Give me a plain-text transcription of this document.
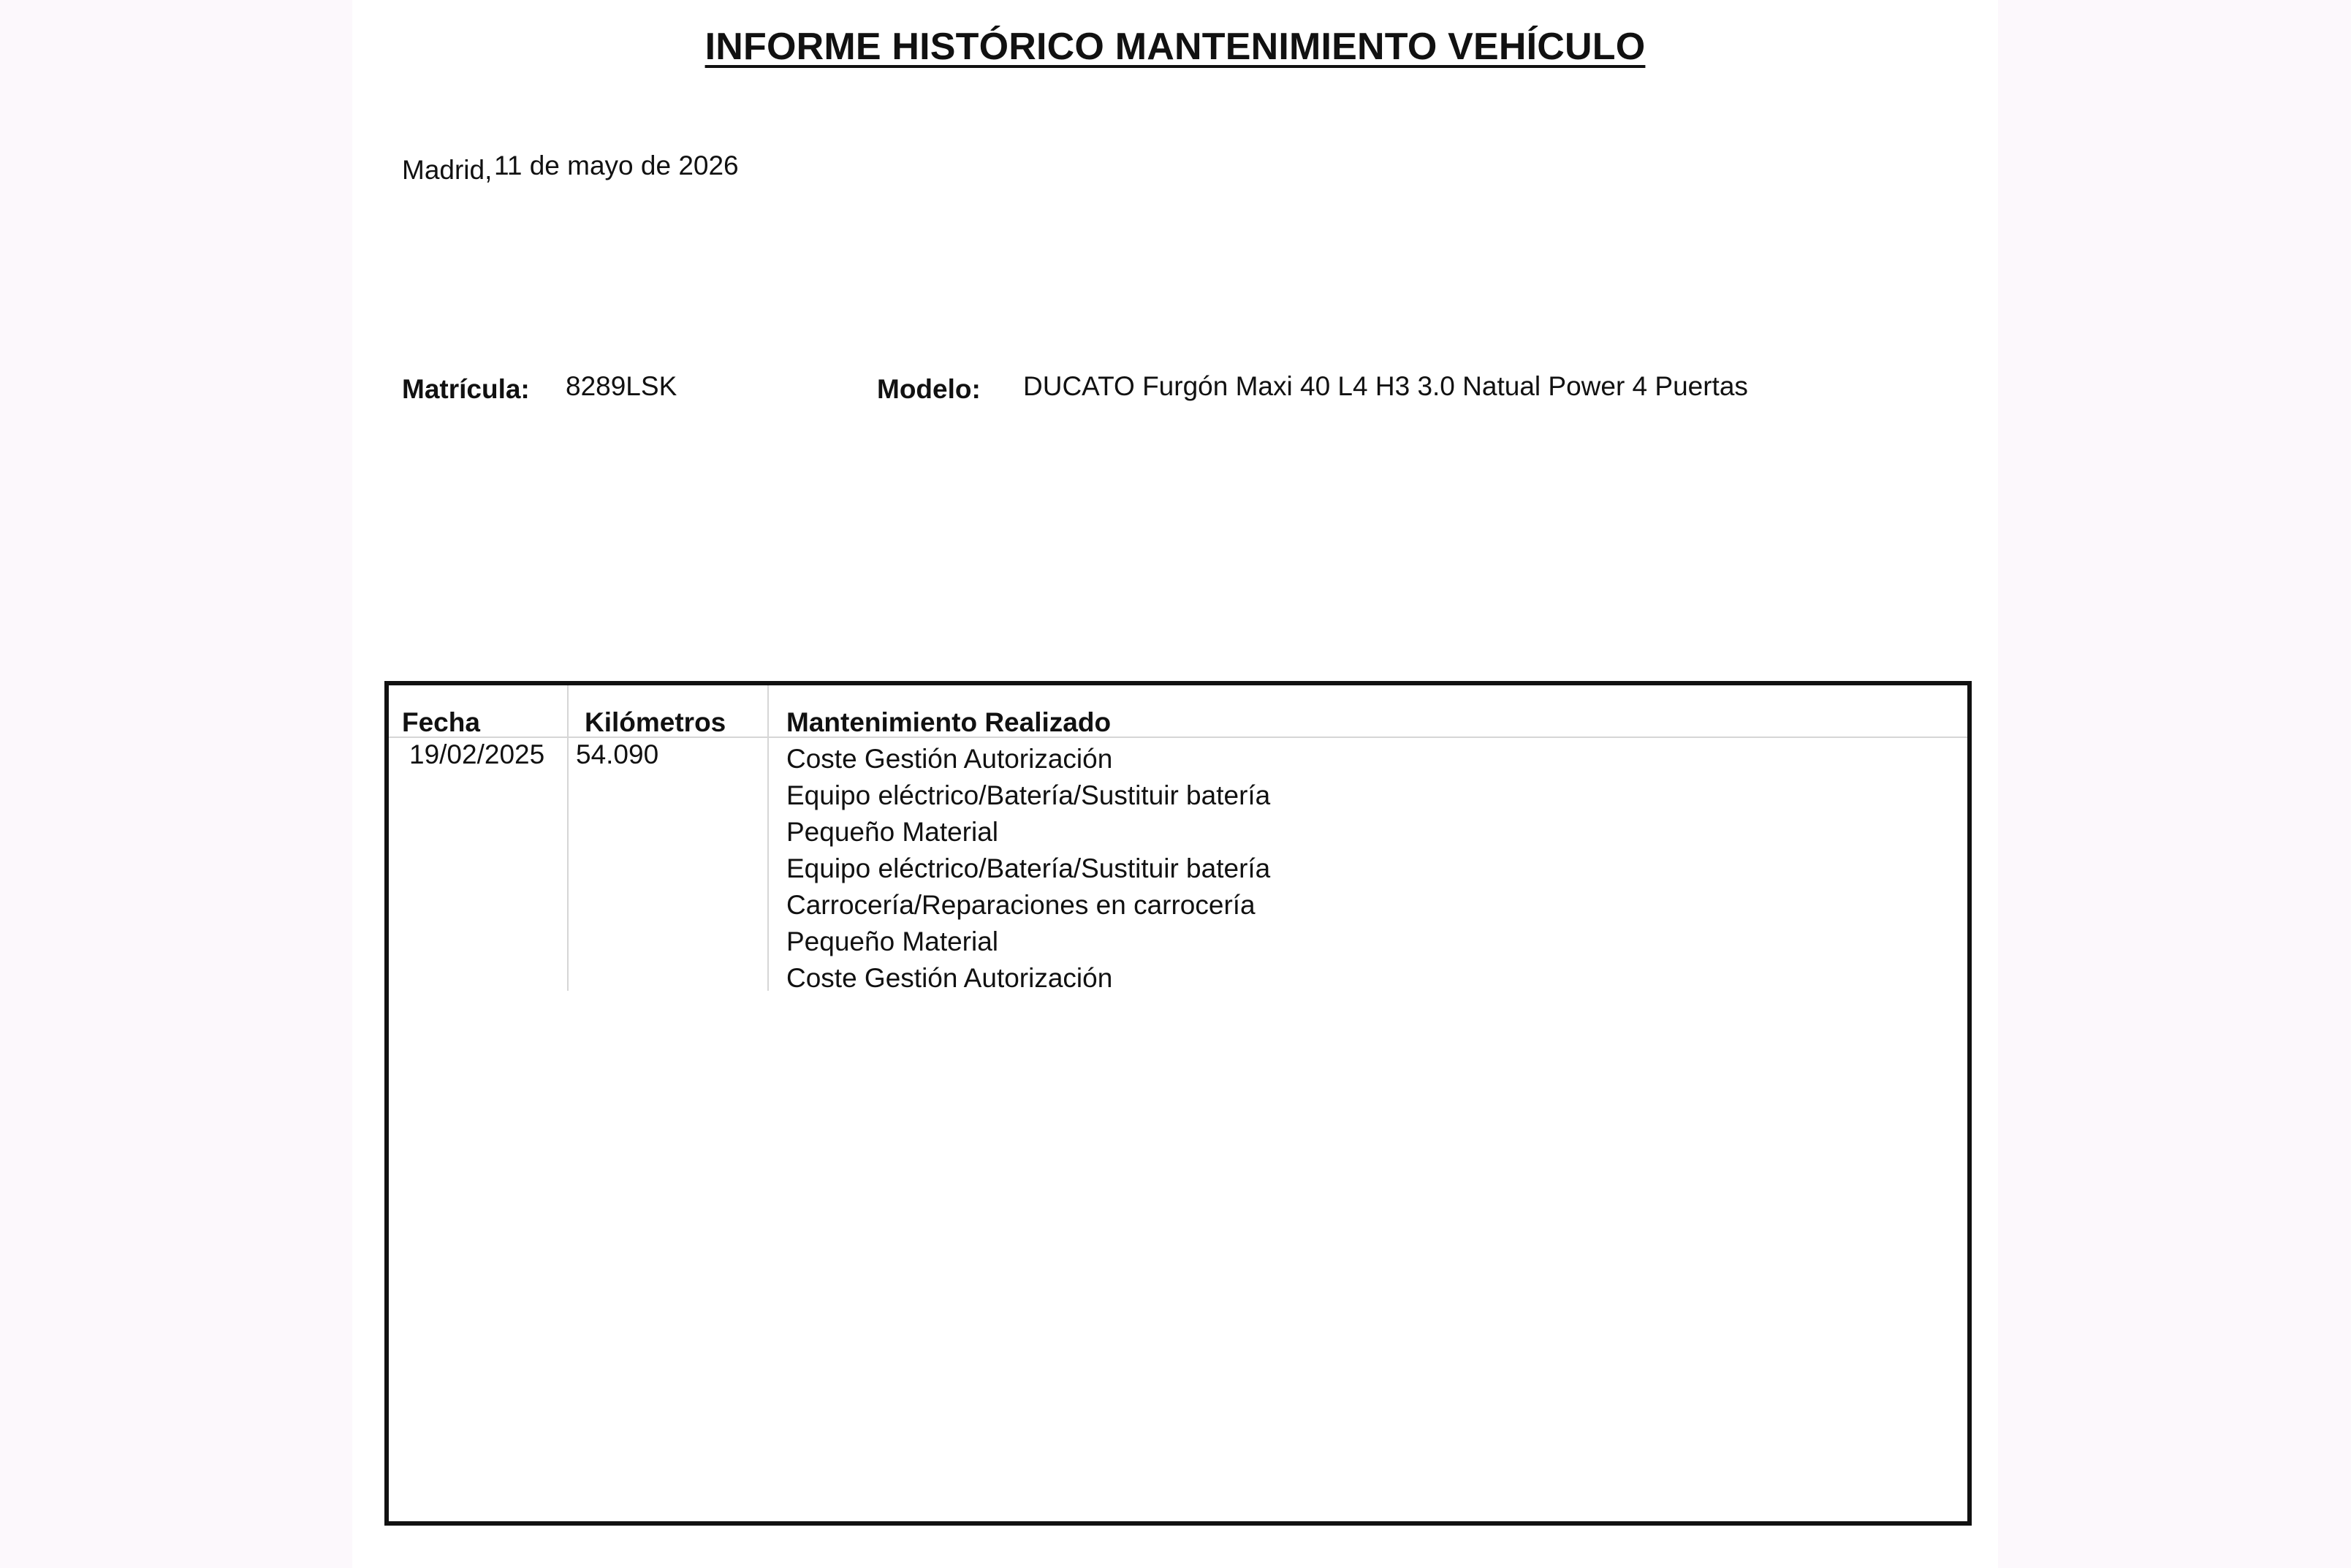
INFORME HISTÓRICO MANTENIMIENTO VEHÍCULO
Madrid, 11 de mayo de 2026
Matrícula: 8289LSK	Modelo: DUCATO Furgón Maxi 40 L4 H3 3.0 Natual Power 4 Puertas
Fecha	Kilómetros Mantenimiento Realizado
19/02/2025 54.090	Coste Gestión Autorización
Equipo eléctrico/Batería/Sustituir batería
Pequeño Material
Equipo eléctrico/Batería/Sustituir batería
Carrocería/Reparaciones en carrocería
Pequeño Material
Coste Gestión Autorización
